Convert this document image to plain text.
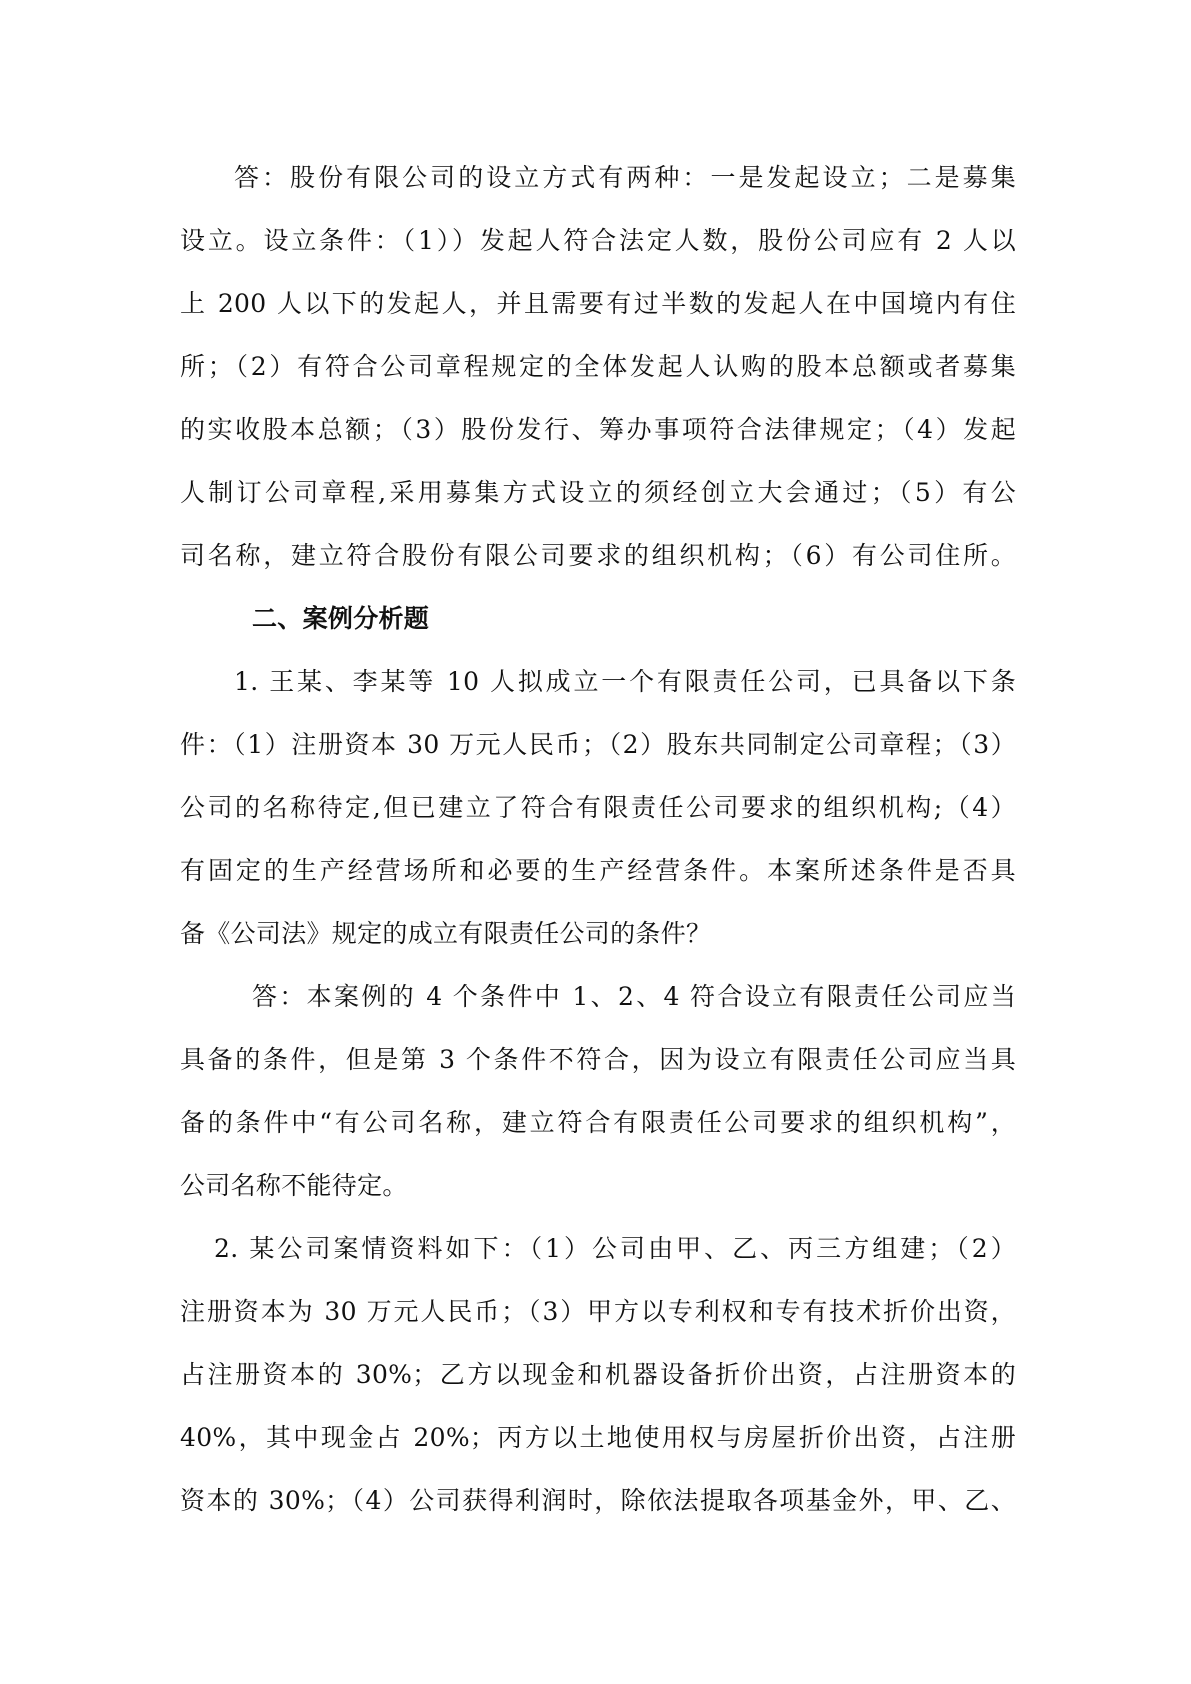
答：股份有限公司的设立方式有两种：一是发起设立；二是募集
设立。设立条件：（1））发起人符合法定人数，股份公司应有 2 人以
上 200 人以下的发起人，并且需要有过半数的发起人在中国境内有住
所；（2）有符合公司章程规定的全体发起人认购的股本总额或者募集
的实收股本总额；（3）股份发行、筹办事项符合法律规定；（4）发起
人制订公司章程,采用募集方式设立的须经创立大会通过；（5）有公
司名称，建立符合股份有限公司要求的组织机构；（6）有公司住所。
二、案例分析题
1. 王某、李某等 10 人拟成立一个有限责任公司，已具备以下条
件：（1）注册资本 30 万元人民币；（2）股东共同制定公司章程；（3）
公司的名称待定,但已建立了符合有限责任公司要求的组织机构;（4）
有固定的生产经营场所和必要的生产经营条件。本案所述条件是否具
备《公司法》规定的成立有限责任公司的条件？
答：本案例的 4 个条件中 1、2、4 符合设立有限责任公司应当
具备的条件，但是第 3 个条件不符合，因为设立有限责任公司应当具
备的条件中“有公司名称，建立符合有限责任公司要求的组织机构”，
公司名称不能待定。
2. 某公司案情资料如下：（1）公司由甲、乙、丙三方组建；（2）
注册资本为 30 万元人民币；（3）甲方以专利权和专有技术折价出资，
占注册资本的 30%；乙方以现金和机器设备折价出资，占注册资本的
40%，其中现金占 20%；丙方以土地使用权与房屋折价出资，占注册
资本的 30%；（4）公司获得利润时，除依法提取各项基金外，甲、乙、
